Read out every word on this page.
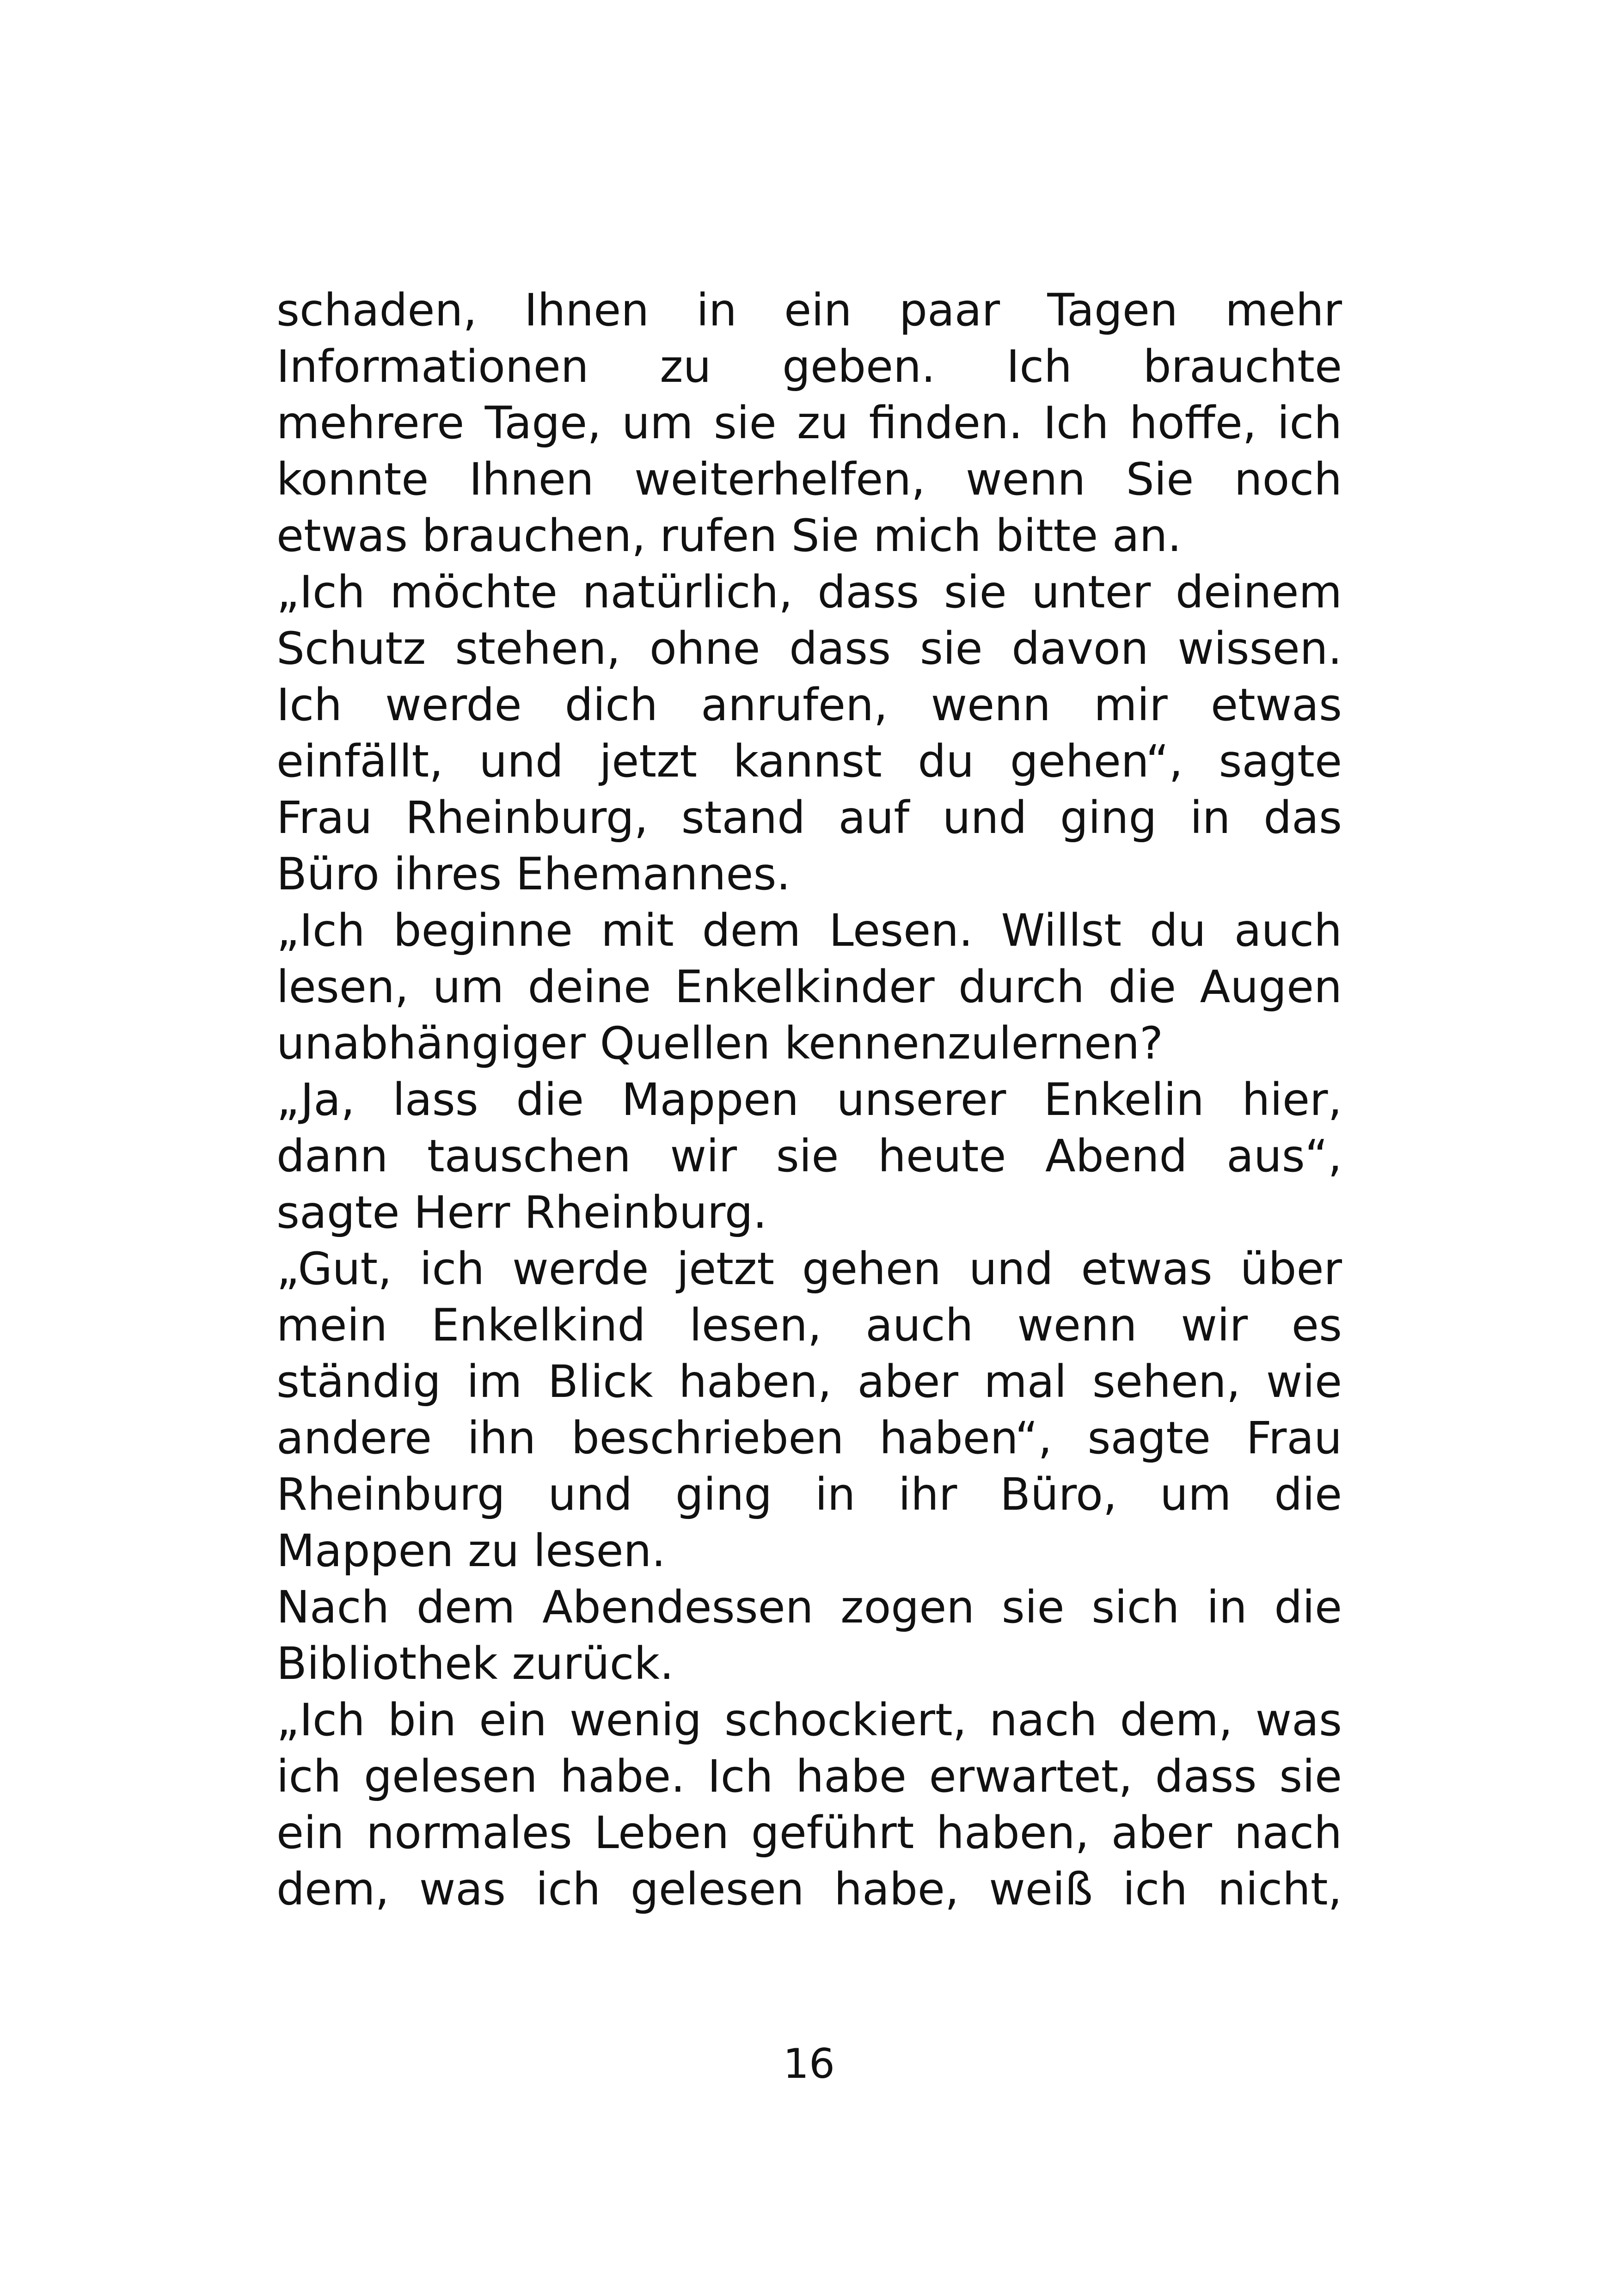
schaden, Ihnen in ein paar Tagen mehr
Informationen zu geben. Ich brauchte
mehrere Tage, um sie zu finden. Ich hoffe, ich
konnte Ihnen weiterhelfen, wenn Sie noch
etwas brauchen, rufen Sie mich bitte an.
„Ich möchte natürlich, dass sie unter deinem
Schutz stehen, ohne dass sie davon wissen.
Ich werde dich anrufen, wenn mir etwas
einfällt, und jetzt kannst du gehen“, sagte
Frau Rheinburg, stand auf und ging in das
Büro ihres Ehemannes.
„Ich beginne mit dem Lesen. Willst du auch
lesen, um deine Enkelkinder durch die Augen
unabhängiger Quellen kennenzulernen?
„Ja, lass die Mappen unserer Enkelin hier,
dann tauschen wir sie heute Abend aus“,
sagte Herr Rheinburg.
„Gut, ich werde jetzt gehen und etwas über
mein Enkelkind lesen, auch wenn wir es
ständig im Blick haben, aber mal sehen, wie
andere ihn beschrieben haben“, sagte Frau
Rheinburg und ging in ihr Büro, um die
Mappen zu lesen.
Nach dem Abendessen zogen sie sich in die
Bibliothek zurück.
„Ich bin ein wenig schockiert, nach dem, was
ich gelesen habe. Ich habe erwartet, dass sie
ein normales Leben geführt haben, aber nach
dem, was ich gelesen habe, weiß ich nicht,
16
